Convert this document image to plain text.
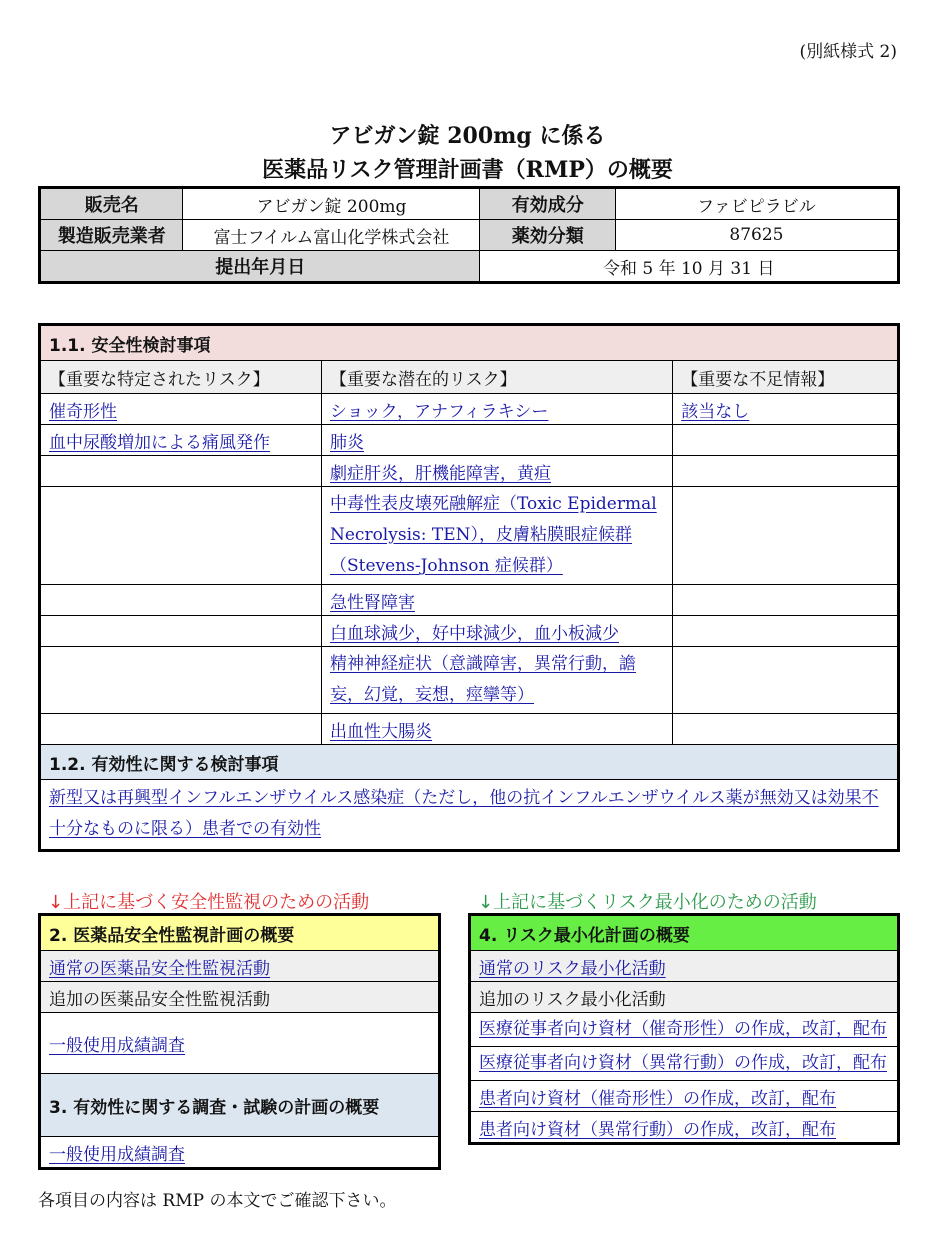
(別紙様式 2)
アビガン錠 200mg に係る
医薬品リスク管理計画書（RMP）の概要
販売名	アビガン錠 200mg	有効成分	ファビピラビル
製造販売業者	富士フイルム富山化学株式会社	薬効分類	87625
提出年月日		令和 5 年 10 月 31 日	
1.1. 安全性検討事項		
【重要な特定されたリスク】	【重要な潜在的リスク】	【重要な不足情報】
催奇形性	ショック，アナフィラキシー	該当なし
血中尿酸増加による痛風発作	肺炎	
	劇症肝炎，肝機能障害，黄疸	
	中毒性表皮壊死融解症（Toxic Epidermal Necrolysis: TEN），皮膚粘膜眼症候群（Stevens-Johnson 症候群）	
	急性腎障害	
	白血球減少，好中球減少，血小板減少	
	精神神経症状（意識障害，異常行動，譫妄，幻覚，妄想，痙攣等）	
	出血性大腸炎	
1.2. 有効性に関する検討事項		
新型又は再興型インフルエンザウイルス感染症（ただし，他の抗インフルエンザウイルス薬が無効又は効果不十分なものに限る）患者での有効性		
↓上記に基づく安全性監視のための活動	↓上記に基づくリスク最小化のための活動
2. 医薬品安全性監視計画の概要
通常の医薬品安全性監視活動
追加の医薬品安全性監視活動
一般使用成績調査
3. 有効性に関する調査・試験の計画の概要
一般使用成績調査
4. リスク最小化計画の概要
通常のリスク最小化活動
追加のリスク最小化活動
医療従事者向け資材（催奇形性）の作成，改訂，配布
医療従事者向け資材（異常行動）の作成，改訂，配布
患者向け資材（催奇形性）の作成，改訂，配布
患者向け資材（異常行動）の作成，改訂，配布
各項目の内容は RMP の本文でご確認下さい。
